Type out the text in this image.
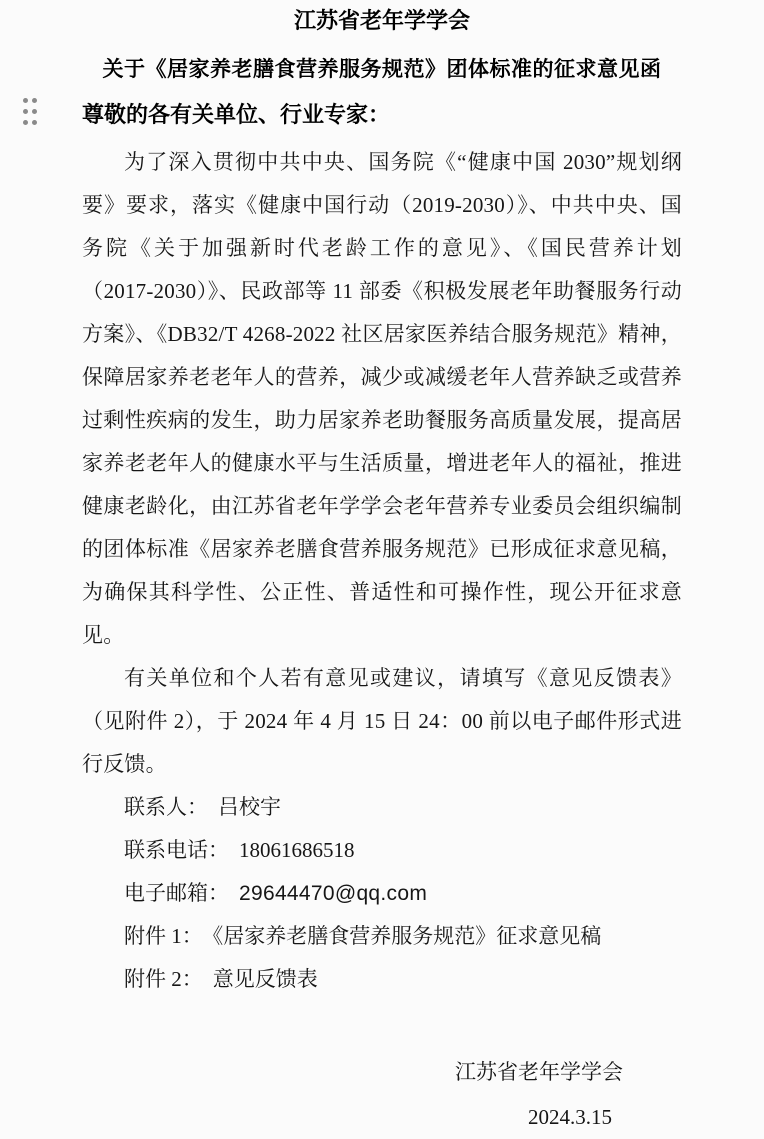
江苏省老年学学会
关于《居家养老膳食营养服务规范》团体标准的征求意见函

尊敬的各有关单位、行业专家：

为了深入贯彻中共中央、国务院《“健康中国 2030”规划纲要》要求，落实《健康中国行动（2019-2030）》、中共中央、国务院《关于加强新时代老龄工作的意见》、《国民营养计划（2017-2030）》、民政部等 11 部委《积极发展老年助餐服务行动方案》、《DB32/T 4268-2022 社区居家医养结合服务规范》精神，保障居家养老老年人的营养，减少或减缓老年人营养缺乏或营养过剩性疾病的发生，助力居家养老助餐服务高质量发展，提高居家养老老年人的健康水平与生活质量，增进老年人的福祉，推进健康老龄化，由江苏省老年学学会老年营养专业委员会组织编制的团体标准《居家养老膳食营养服务规范》已形成征求意见稿，为确保其科学性、公正性、普适性和可操作性，现公开征求意见。

有关单位和个人若有意见或建议，请填写《意见反馈表》（见附件 2），于 2024 年 4 月 15 日 24：00 前以电子邮件形式进行反馈。

联系人： 吕校宇

联系电话： 18061686518

电子邮箱： 29644470@qq.com

附件 1： 《居家养老膳食营养服务规范》征求意见稿

附件 2： 意见反馈表

江苏省老年学学会

2024.3.15
